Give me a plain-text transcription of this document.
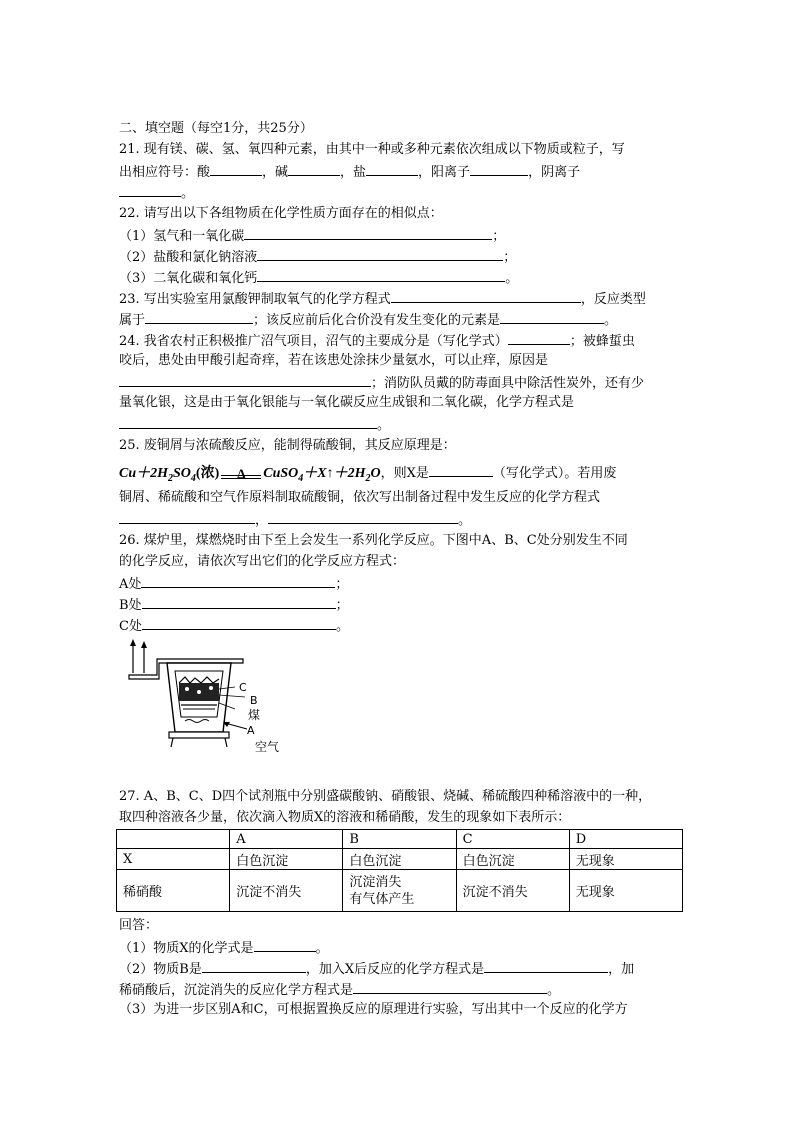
二、填空题（每空1分，共25分）
21. 现有镁、碳、氢、氧四种元素，由其中一种或多种元素依次组成以下物质或粒子，写
出相应符号：酸	，碱	，盐	，阳离子	，阴离子
。
22. 请写出以下各组物质在化学性质方面存在的相似点：
（1）氢气和一氧化碳	；
（2）盐酸和氯化钠溶液	；
（3）二氧化碳和氧化钙	。
23. 写出实验室用氯酸钾制取氧气的化学方程式	，反应类型
属于	；该反应前后化合价没有发生变化的元素是	。
24. 我省农村正积极推广沼气项目，沼气的主要成分是（写化学式）	；被蜂蜇虫
咬后，患处由甲酸引起奇痒，若在该患处涂抹少量氨水，可以止痒，原因是
；消防队员戴的防毒面具中除活性炭外，还有少
量氧化银，这是由于氧化银能与一氧化碳反应生成银和二氧化碳，化学方程式是
。
25. 废铜屑与浓硫酸反应，能制得硫酸铜，其反应原理是：
$Cu+2H_2SO_4$(浓) Δ $CuSO_4+X↑+2H_2O$，则X是	（写化学式）。若用废
铜屑、稀硫酸和空气作原料制取硫酸铜，依次写出制备过程中发生反应的化学方程式
，	。
26. 煤炉里，煤燃烧时由下至上会发生一系列化学反应。下图中A、B、C处分别发生不同
的化学反应，请依次写出它们的化学反应方程式：
A处	；
B处	；
C处	。
C
B
煤
A
空气
27. A、B、C、D四个试剂瓶中分别盛碳酸钠、硝酸银、烧碱、稀硫酸四种稀溶液中的一种，
取四种溶液各少量，依次滴入物质X的溶液和稀硝酸，发生的现象如下表所示：
	A	B	C	D
X	白色沉淀	白色沉淀	白色沉淀	无现象
稀硝酸	沉淀不消失	沉淀消失
有气体产生	沉淀不消失	无现象
回答：
（1）物质X的化学式是	。
（2）物质B是	，加入X后反应的化学方程式是	，加
稀硝酸后，沉淀消失的反应化学方程式是	。
（3）为进一步区别A和C，可根据置换反应的原理进行实验，写出其中一个反应的化学方
